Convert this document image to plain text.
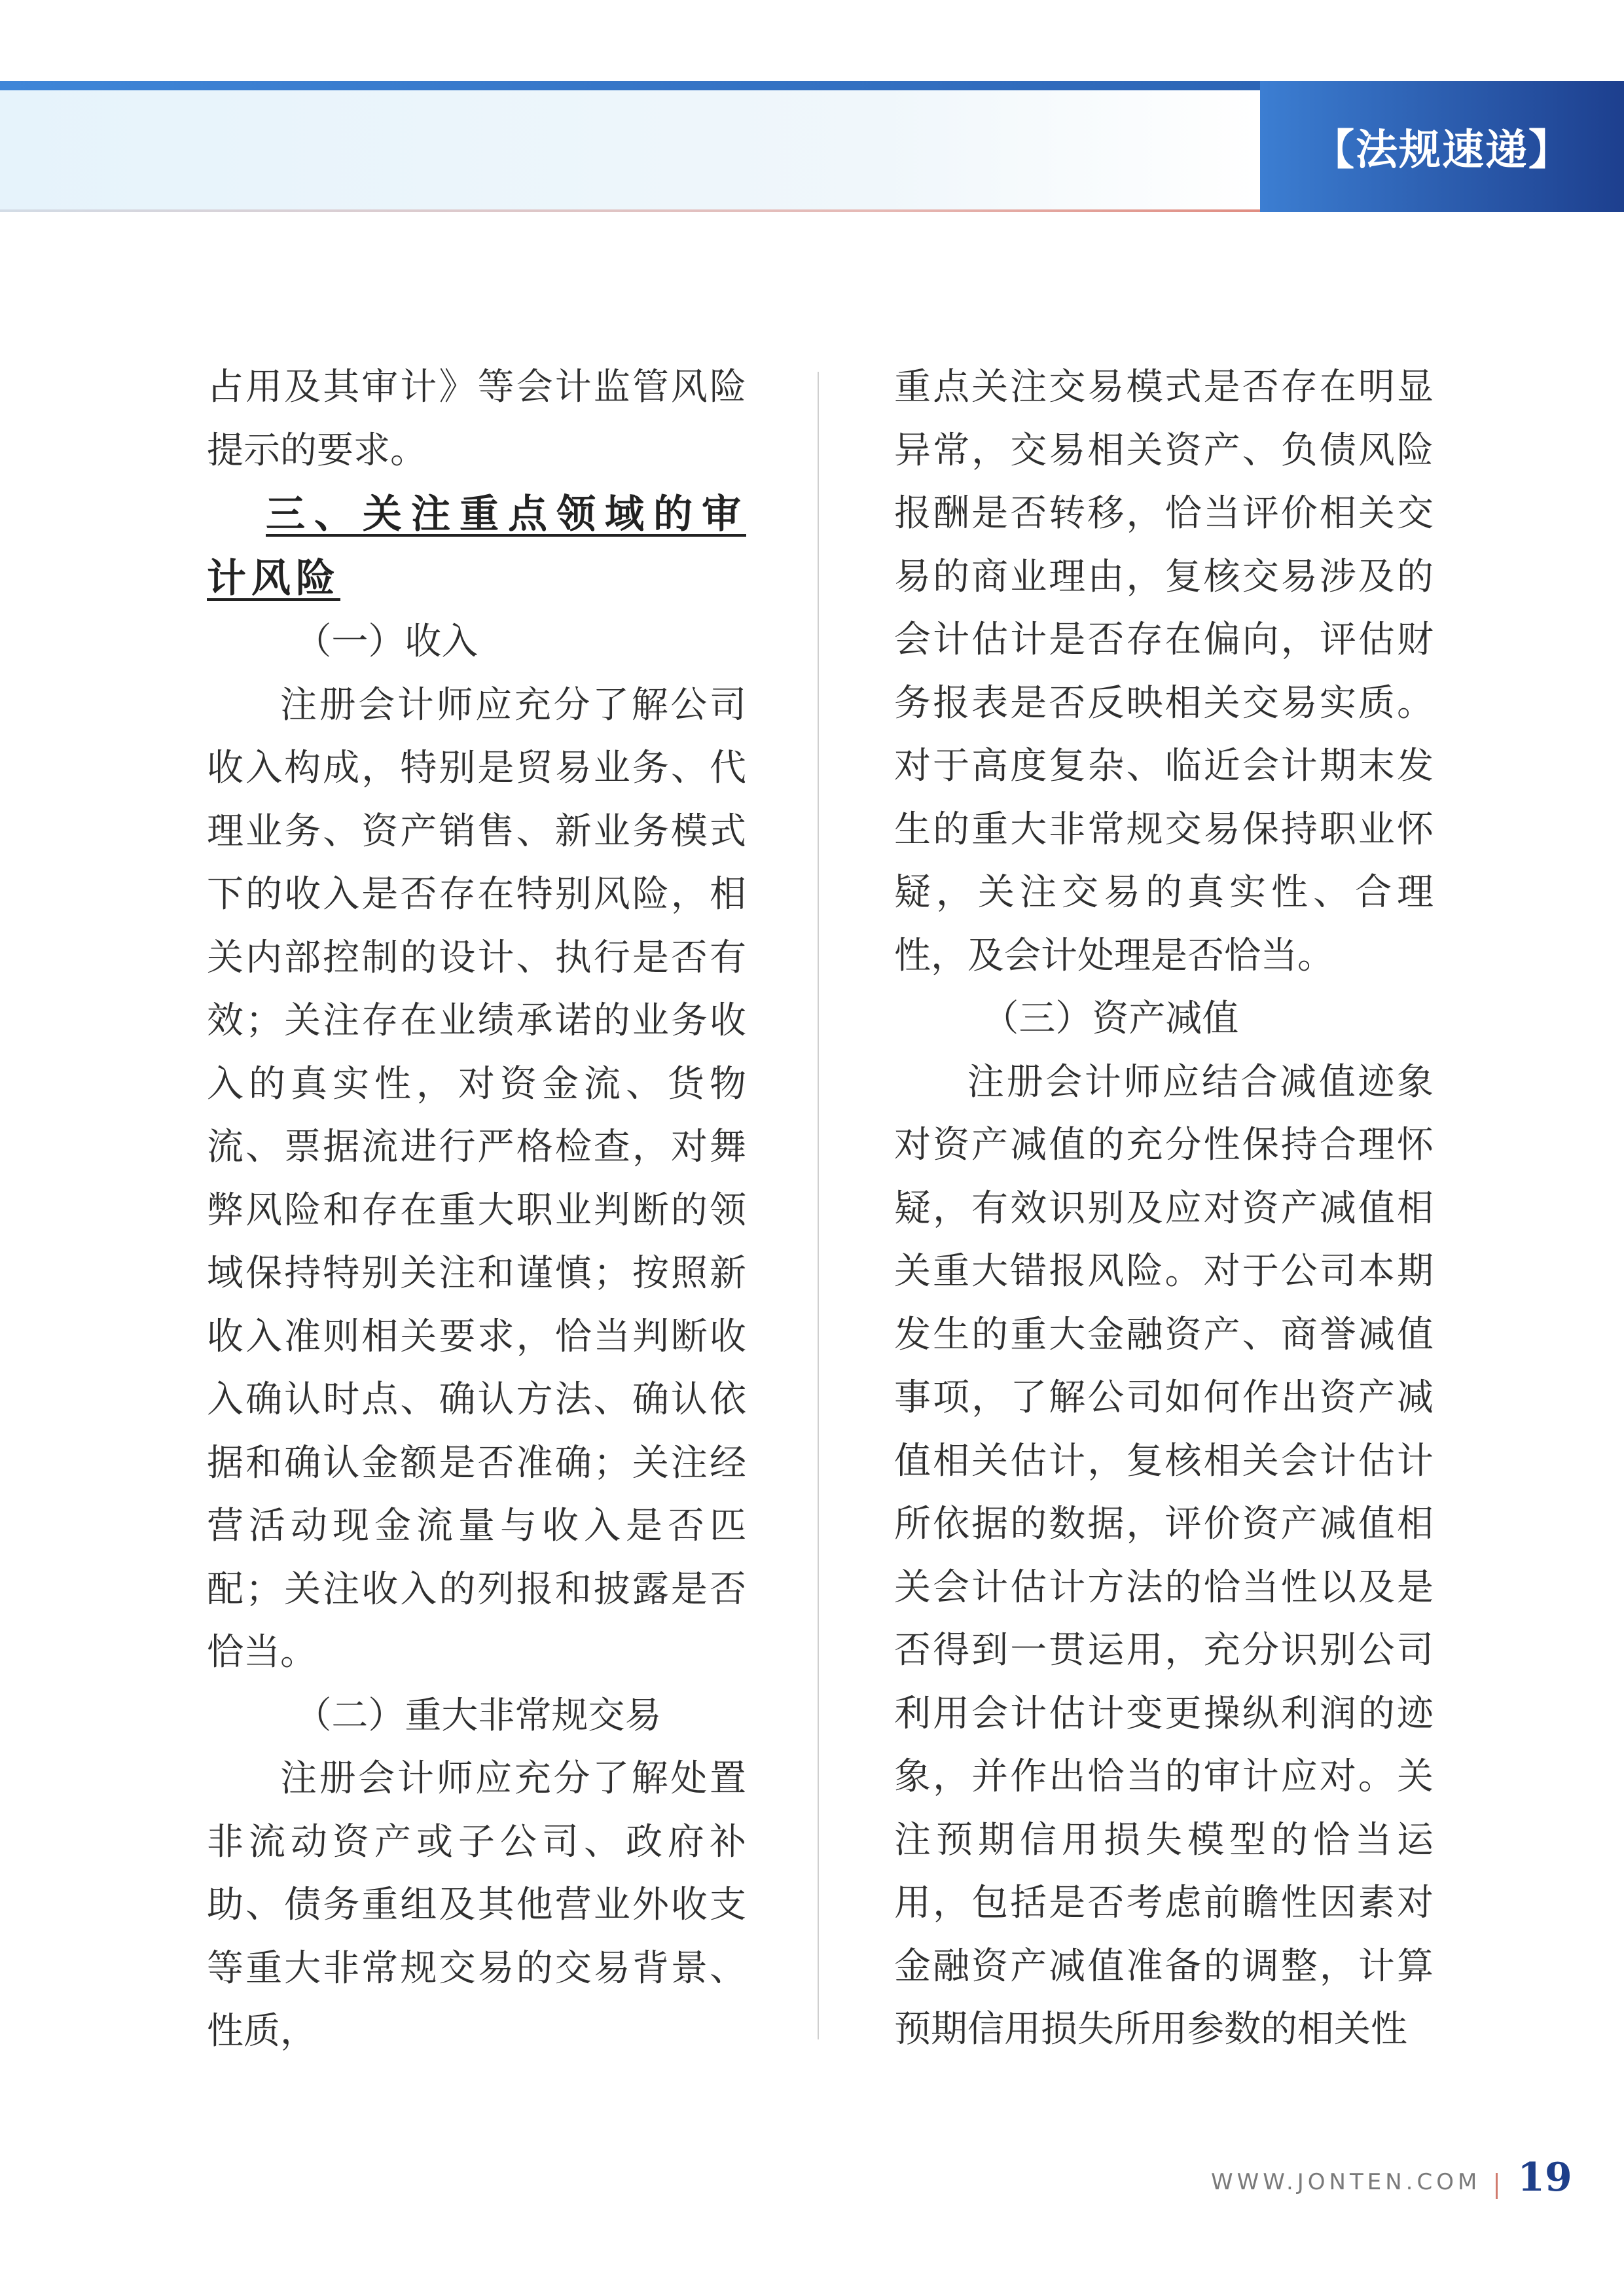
【法规速递】

占用及其审计》等会计监管风险提示的要求。

三、关注重点领域的审计风险

（一）收入

注册会计师应充分了解公司收入构成，特别是贸易业务、代理业务、资产销售、新业务模式下的收入是否存在特别风险，相关内部控制的设计、执行是否有效；关注存在业绩承诺的业务收入的真实性，对资金流、货物流、票据流进行严格检查，对舞弊风险和存在重大职业判断的领域保持特别关注和谨慎；按照新收入准则相关要求，恰当判断收入确认时点、确认方法、确认依据和确认金额是否准确；关注经营活动现金流量与收入是否匹配；关注收入的列报和披露是否恰当。

（二）重大非常规交易

注册会计师应充分了解处置非流动资产或子公司、政府补助、债务重组及其他营业外收支等重大非常规交易的交易背景、性质，

重点关注交易模式是否存在明显异常，交易相关资产、负债风险报酬是否转移，恰当评价相关交易的商业理由，复核交易涉及的会计估计是否存在偏向，评估财务报表是否反映相关交易实质。对于高度复杂、临近会计期末发生的重大非常规交易保持职业怀疑，关注交易的真实性、合理性，及会计处理是否恰当。

（三）资产减值

注册会计师应结合减值迹象对资产减值的充分性保持合理怀疑，有效识别及应对资产减值相关重大错报风险。对于公司本期发生的重大金融资产、商誉减值事项，了解公司如何作出资产减值相关估计，复核相关会计估计所依据的数据，评价资产减值相关会计估计方法的恰当性以及是否得到一贯运用，充分识别公司利用会计估计变更操纵利润的迹象，并作出恰当的审计应对。关注预期信用损失模型的恰当运用，包括是否考虑前瞻性因素对金融资产减值准备的调整，计算预期信用损失所用参数的相关性

WWW.JONTEN.COM 19
